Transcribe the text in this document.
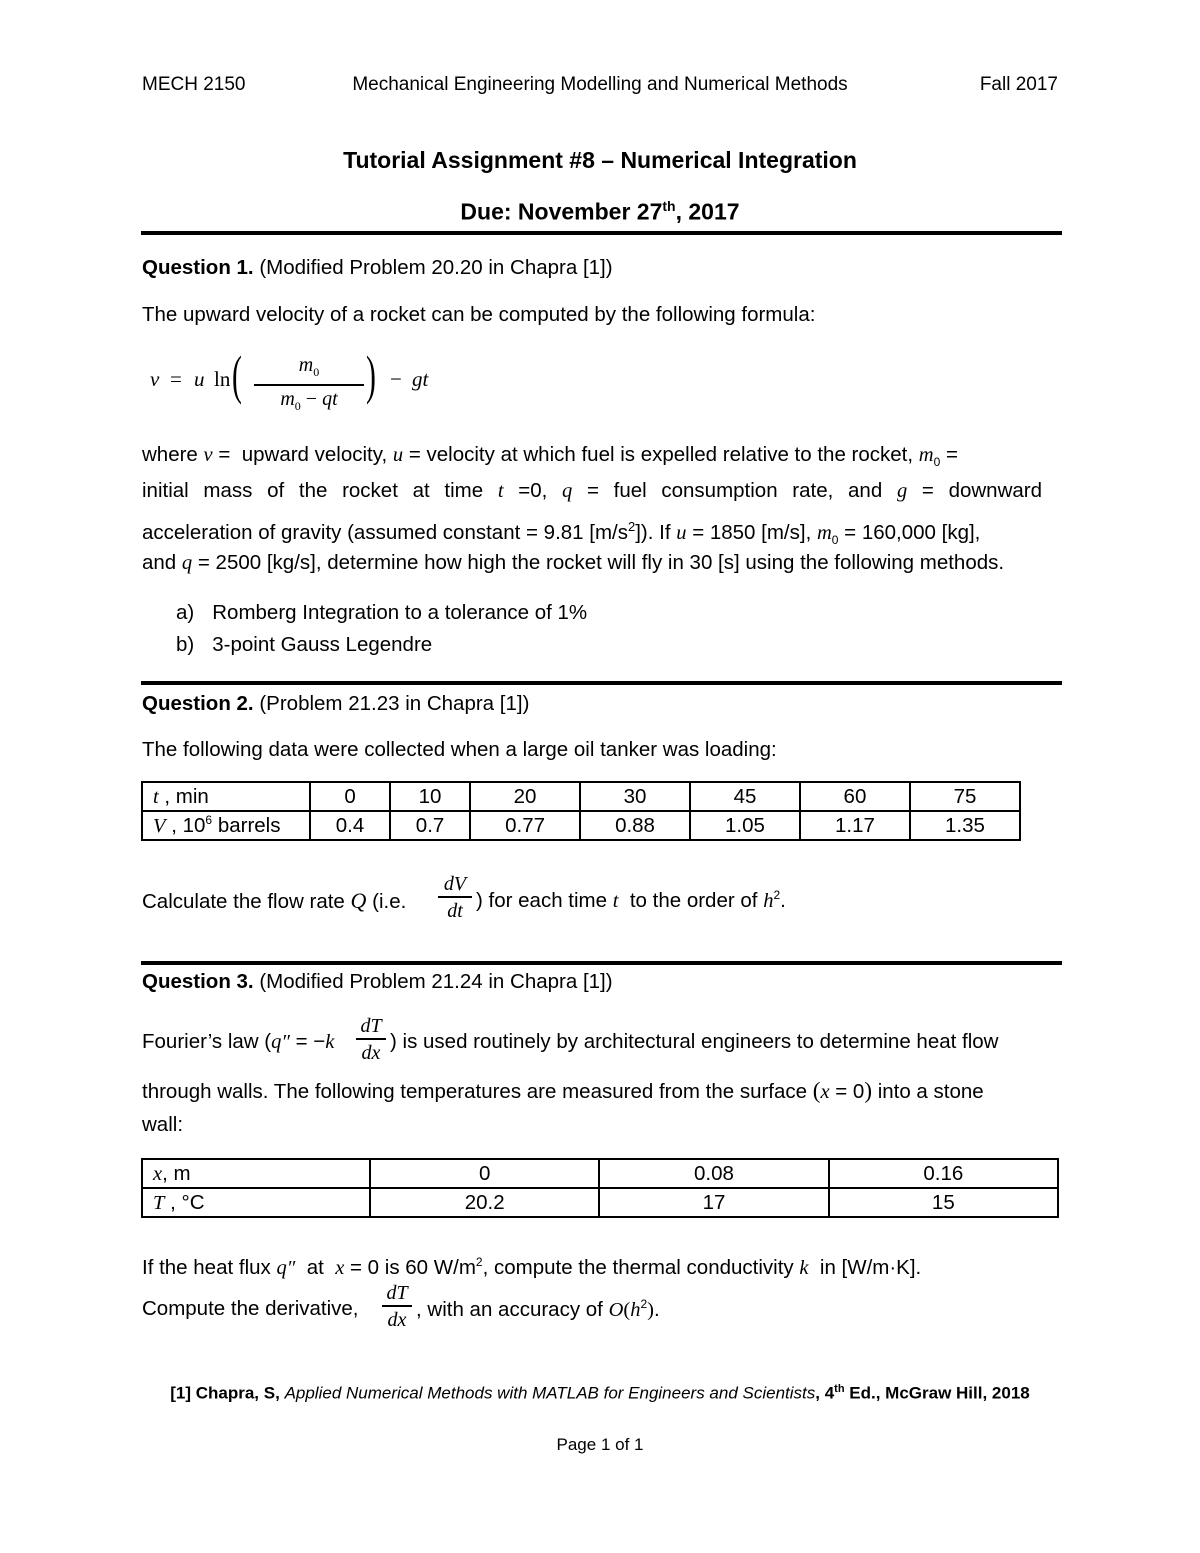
MECH 2150	Mechanical Engineering Modelling and Numerical Methods	Fall 2017
Tutorial Assignment #8 – Numerical Integration
Due: November 27th, 2017
Question 1. (Modified Problem 20.20 in Chapra [1])
The upward velocity of a rocket can be computed by the following formula:
v = u ln (	$m_0$
$m_0$ − qt ) − gt
where v =  upward velocity, u = velocity at which fuel is expelled relative to the rocket, $m_0$ =
initial mass of the rocket at time t =0, q = fuel consumption rate, and g = downward
acceleration of gravity (assumed constant = 9.81 $[m/s^2]$). If u = 1850 [m/s], $m_0 = 160,000$ [kg],
and q = 2500 [kg/s], determine how high the rocket will fly in 30 [s] using the following methods.
a) Romberg Integration to a tolerance of 1%
b) 3-point Gauss Legendre
Question 2. (Problem 21.23 in Chapra [1])
The following data were collected when a large oil tanker was loading:
t , min	0	10	20	30	45	60	75
V , $10^6$ barrels	0.4	0.7	0.77	0.88	1.05	1.17	1.35
Calculate the flow rate Q (i.e.
dV
dt ) for each time t to the order of $h^2$.
Question 3. (Modified Problem 21.24 in Chapra [1])
Fourier’s law (q″ = −k
dT
dx ) is used routinely by architectural engineers to determine heat flow
through walls. The following temperatures are measured from the surface (x = 0) into a stone
wall:
x, m	0	0.08	0.16
T , °C	20.2	17	15
If the heat flux q″ at x = 0 is 60 $W/m^2$, compute the thermal conductivity k in [W/m·K].
Compute the derivative,
dT
dx , with an accuracy of $O(h^2)$.
[1] Chapra, S, Applied Numerical Methods with MATLAB for Engineers and Scientists, 4th Ed., McGraw Hill, 2018
Page 1 of 1
